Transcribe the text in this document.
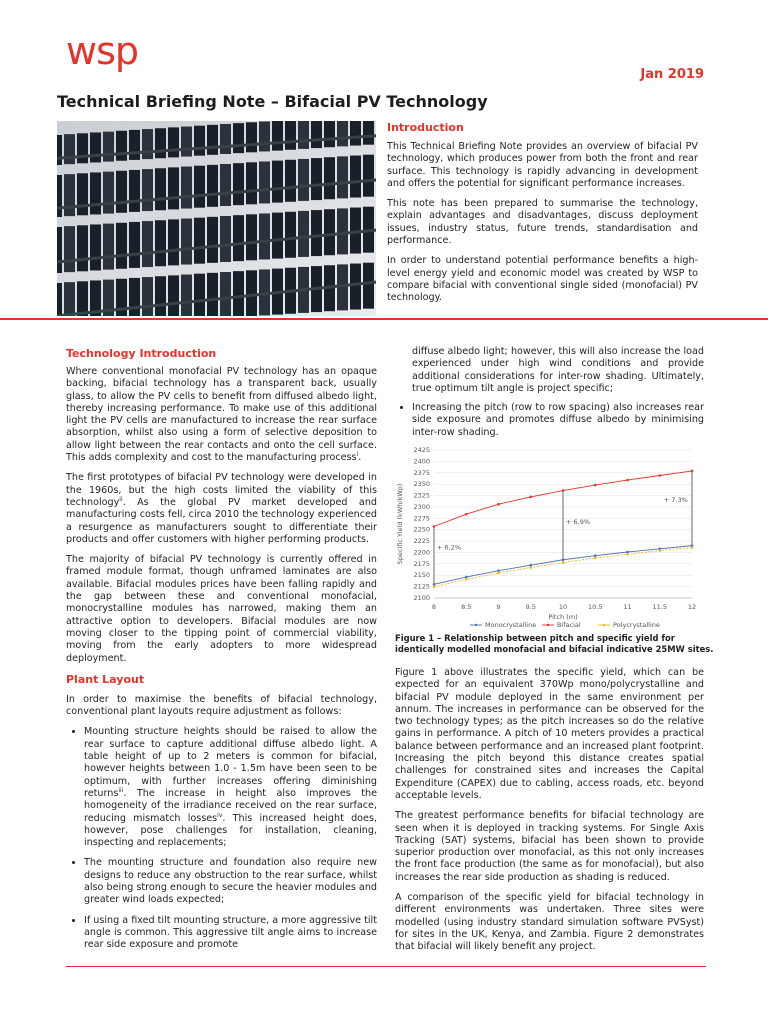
wsp
Jan 2019
Technical Briefing Note – Bifacial PV Technology
Introduction

This Technical Briefing Note provides an overview of bifacial PV technology, which produces power from both the front and rear surface. This technology is rapidly advancing in development and offers the potential for significant performance increases.

This note has been prepared to summarise the technology, explain advantages and disadvantages, discuss deployment issues, industry status, future trends, standardisation and performance.

In order to understand potential performance benefits a high-level energy yield and economic model was created by WSP to compare bifacial with conventional single sided (monofacial) PV technology.

Technology Introduction

Where conventional monofacial PV technology has an opaque backing, bifacial technology has a transparent back, usually glass, to allow the PV cells to benefit from diffused albedo light, thereby increasing performance. To make use of this additional light the PV cells are manufactured to increase the rear surface absorption, whilst also using a form of selective deposition to allow light between the rear contacts and onto the cell surface. This adds complexity and cost to the manufacturing process$^i$.

The first prototypes of bifacial PV technology were developed in the 1960s, but the high costs limited the viability of this technology$^{ii}$. As the global PV market developed and manufacturing costs fell, circa 2010 the technology experienced a resurgence as manufacturers sought to differentiate their products and offer customers with higher performing products.

The majority of bifacial PV technology is currently offered in framed module format, though unframed laminates are also available. Bifacial modules prices have been falling rapidly and the gap between these and conventional monofacial, monocrystalline modules has narrowed, making them an attractive option to developers. Bifacial modules are now moving closer to the tipping point of commercial viability, moving from the early adopters to more widespread deployment.

Plant Layout

In order to maximise the benefits of bifacial technology, conventional plant layouts require adjustment as follows:

• Mounting structure heights should be raised to allow the rear surface to capture additional diffuse albedo light. A table height of up to 2 meters is common for bifacial, however heights between 1.0 - 1.5m have been seen to be optimum, with further increases offering diminishing returns$^{iii}$. The increase in height also improves the homogeneity of the irradiance received on the rear surface, reducing mismatch losses$^{iv}$. This increased height does, however, pose challenges for installation, cleaning, inspecting and replacements;
• The mounting structure and foundation also require new designs to reduce any obstruction to the rear surface, whilst also being strong enough to secure the heavier modules and greater wind loads expected;
• If using a fixed tilt mounting structure, a more aggressive tilt angle is common. This aggressive tilt angle aims to increase rear side exposure and promote

diffuse albedo light; however, this will also increase the load experienced under high wind conditions and provide additional considerations for inter-row shading. Ultimately, true optimum tilt angle is project specific;

• Increasing the pitch (row to row spacing) also increases rear side exposure and promotes diffuse albedo by minimising inter-row shading.
2100
2125
2150
2175
2200
2225
2250
2275
2300
2325
2350
2375
2400
2425
8	8.5	9	9.5	10	10.5	11	11.5	12
Pitch (m)
Specific Yield (kWh/kWp)	+ 6.2%
+ 6.9%
+ 7.3%
Monocrystalline	Bifacial	Polycrystalline
Figure 1 – Relationship between pitch and specific yield for identically modelled monofacial and bifacial indicative 25MW sites.

Figure 1 above illustrates the specific yield, which can be expected for an equivalent 370Wp mono/polycrystalline and bifacial PV module deployed in the same environment per annum. The increases in performance can be observed for the two technology types; as the pitch increases so do the relative gains in performance. A pitch of 10 meters provides a practical balance between performance and an increased plant footprint. Increasing the pitch beyond this distance creates spatial challenges for constrained sites and increases the Capital Expenditure (CAPEX) due to cabling, access roads, etc. beyond acceptable levels.

The greatest performance benefits for bifacial technology are seen when it is deployed in tracking systems. For Single Axis Tracking (SAT) systems, bifacial has been shown to provide superior production over monofacial, as this not only increases the front face production (the same as for monofacial), but also increases the rear side production as shading is reduced.

A comparison of the specific yield for bifacial technology in different environments was undertaken. Three sites were modelled (using industry standard simulation software PVSyst) for sites in the UK, Kenya, and Zambia. Figure 2 demonstrates that bifacial will likely benefit any project.
